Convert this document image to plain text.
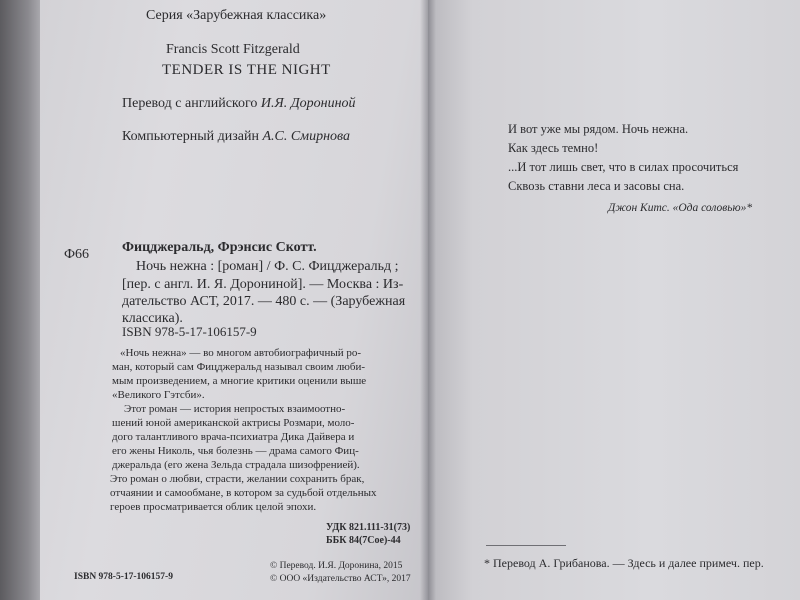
Серия «Зарубежная классика»
Francis Scott Fitzgerald
TENDER IS THE NIGHT
Перевод с английского И.Я. Дорониной
Компьютерный дизайн А.С. Смирнова
Ф66 Фицджеральд, Фрэнсис Скотт.
Ночь нежна : [роман] / Ф. С. Фицджеральд ;
[пер. с англ. И. Я. Дорониной]. — Москва : Из-
дательство АСТ, 2017. — 480 с. — (Зарубежная
классика).
ISBN 978-5-17-106157-9
«Ночь нежна» — во многом автобиографичный ро-
ман, который сам Фицджеральд называл своим люби-
мым произведением, а многие критики оценили выше
«Великого Гэтсби».
Этот роман — история непростых взаимоотно-
шений юной американской актрисы Розмари, моло-
дого талантливого врача-психиатра Дика Дайвера и
его жены Николь, чья болезнь — драма самого Фиц-
джеральда (его жена Зельда страдала шизофренией).
Это роман о любви, страсти, желании сохранить брак,
отчаянии и самообмане, в котором за судьбой отдельных
героев просматривается облик целой эпохи.
УДК 821.111-31(73)
ББК 84(7Сое)-44
ISBN 978-5-17-106157-9
© Перевод. И.Я. Доронина, 2015
© ООО «Издательство АСТ», 2017
И вот уже мы рядом. Ночь нежна.
Как здесь темно!
...И тот лишь свет, что в силах просочиться
Сквозь ставни леса и засовы сна.
Джон Китс. «Ода соловью»*
* Перевод А. Грибанова. — Здесь и далее примеч. пер.
